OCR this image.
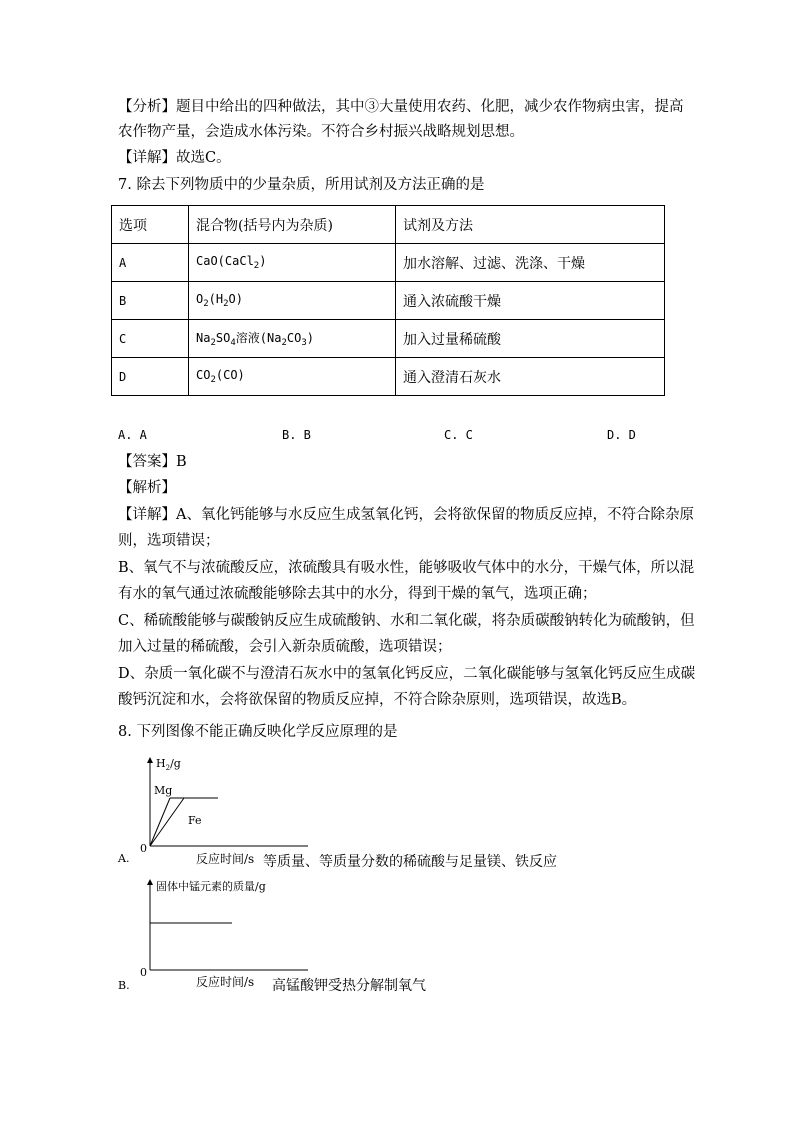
【分析】题目中给出的四种做法，其中③大量使用农药、化肥，减少农作物病虫害，提高
农作物产量，会造成水体污染。不符合乡村振兴战略规划思想。
【详解】故选C。
7. 除去下列物质中的少量杂质，所用试剂及方法正确的是
选项	混合物(括号内为杂质)	试剂及方法
A	CaO(CaCl$_2$)	加水溶解、过滤、洗涤、干燥
B	$O_2(H_2O)$	通入浓硫酸干燥
C	$Na_2SO_4$溶液$(Na_2CO_3)$	加入过量稀硫酸
D	$CO_2(CO)$	通入澄清石灰水
A. A	B. B	C. C	D. D
【答案】B
【解析】
【详解】A、氧化钙能够与水反应生成氢氧化钙，会将欲保留的物质反应掉，不符合除杂原
则，选项错误；
B、氧气不与浓硫酸反应，浓硫酸具有吸水性，能够吸收气体中的水分，干燥气体，所以混
有水的氧气通过浓硫酸能够除去其中的水分，得到干燥的氧气，选项正确；
C、稀硫酸能够与碳酸钠反应生成硫酸钠、水和二氧化碳，将杂质碳酸钠转化为硫酸钠，但
加入过量的稀硫酸，会引入新杂质硫酸，选项错误；
D、杂质一氧化碳不与澄清石灰水中的氢氧化钙反应，二氧化碳能够与氢氧化钙反应生成碳
酸钙沉淀和水，会将欲保留的物质反应掉，不符合除杂原则，选项错误，故选B。
8. 下列图像不能正确反映化学反应原理的是
$H_2/g$
0
Mg
Fe
A.	反应时间/s 等质量、等质量分数的稀硫酸与足量镁、铁反应
固体中锰元素的质量/g
0
B.	反应时间/s 高锰酸钾受热分解制氧气
